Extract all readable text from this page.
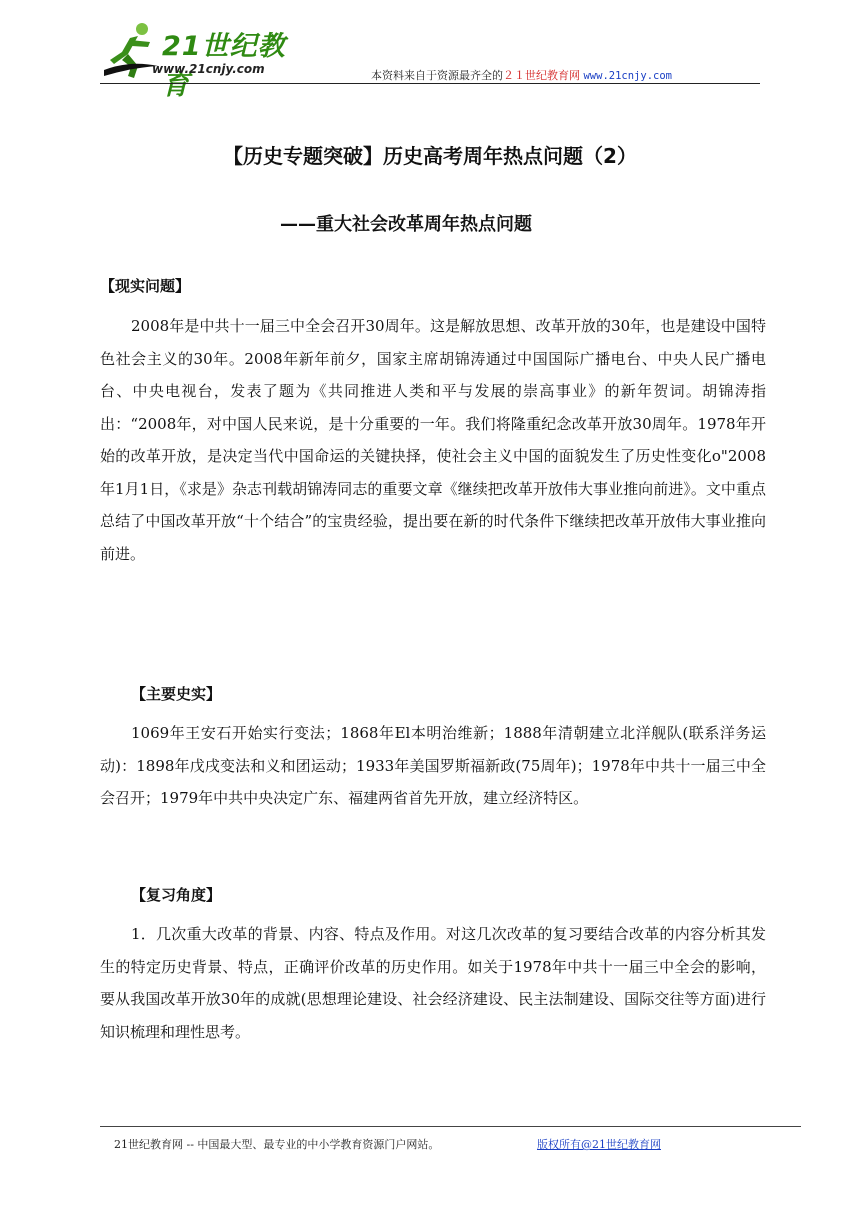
21世纪教育
www.21cnjy.com	本资料来自于资源最齐全的２１世纪教育网 www.21cnjy.com
【历史专题突破】历史高考周年热点问题（2）
——重大社会改革周年热点问题
【现实问题】
2008年是中共十一届三中全会召开30周年。这是解放思想、改革开放的30年，也是建设中国特色社会主义的30年。2008年新年前夕，国家主席胡锦涛通过中国国际广播电台、中央人民广播电台、中央电视台，发表了题为《共同推进人类和平与发展的崇高事业》的新年贺词。胡锦涛指出：“2008年，对中国人民来说，是十分重要的一年。我们将隆重纪念改革开放30周年。1978年开始的改革开放，是决定当代中国命运的关键抉择，使社会主义中国的面貌发生了历史性变化o"2008年1月1日，《求是》杂志刊载胡锦涛同志的重要文章《继续把改革开放伟大事业推向前进》。文中重点总结了中国改革开放“十个结合”的宝贵经验，提出要在新的时代条件下继续把改革开放伟大事业推向前进。
【主要史实】
1069年王安石开始实行变法；1868年El本明治维新；1888年清朝建立北洋舰队(联系洋务运动)：1898年戊戌变法和义和团运动；1933年美国罗斯福新政(75周年)；1978年中共十一届三中全会召开；1979年中共中央决定广东、福建两省首先开放，建立经济特区。
【复习角度】
1．几次重大改革的背景、内容、特点及作用。对这几次改革的复习要结合改革的内容分析其发生的特定历史背景、特点，正确评价改革的历史作用。如关于1978年中共十一届三中全会的影响，要从我国改革开放30年的成就(思想理论建设、社会经济建设、民主法制建设、国际交往等方面)进行知识梳理和理性思考。
21世纪教育网 -- 中国最大型、最专业的中小学教育资源门户网站。	版权所有@21世纪教育网
